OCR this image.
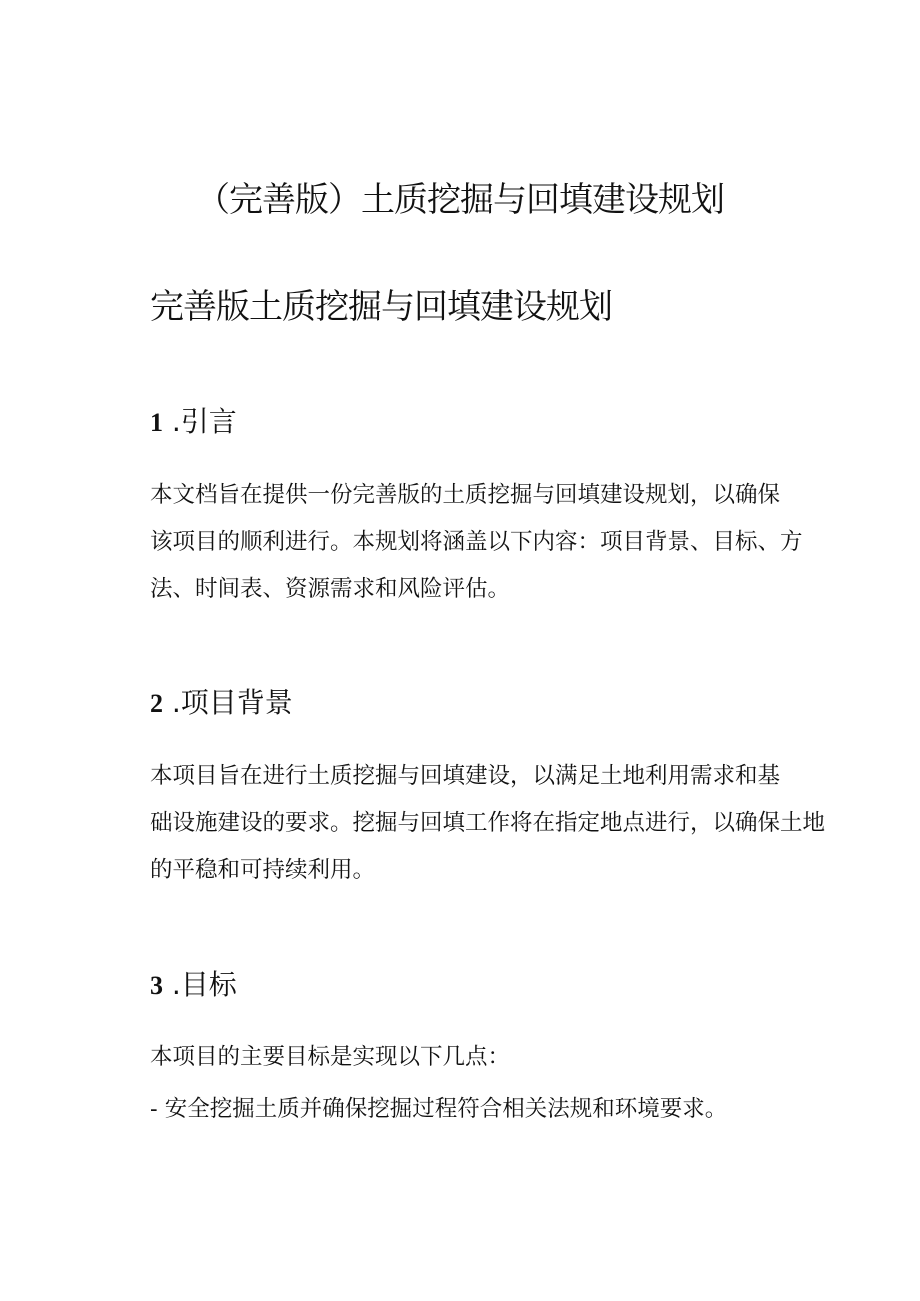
（完善版）土质挖掘与回填建设规划
完善版土质挖掘与回填建设规划
1 .引言
本文档旨在提供一份完善版的土质挖掘与回填建设规划，以确保
该项目的顺利进行。本规划将涵盖以下内容：项目背景、目标、方
法、时间表、资源需求和风险评估。
2 .项目背景
本项目旨在进行土质挖掘与回填建设，以满足土地利用需求和基
础设施建设的要求。挖掘与回填工作将在指定地点进行，以确保土地
的平稳和可持续利用。
3 .目标

本项目的主要目标是实现以下几点：

- 安全挖掘土质并确保挖掘过程符合相关法规和环境要求。
